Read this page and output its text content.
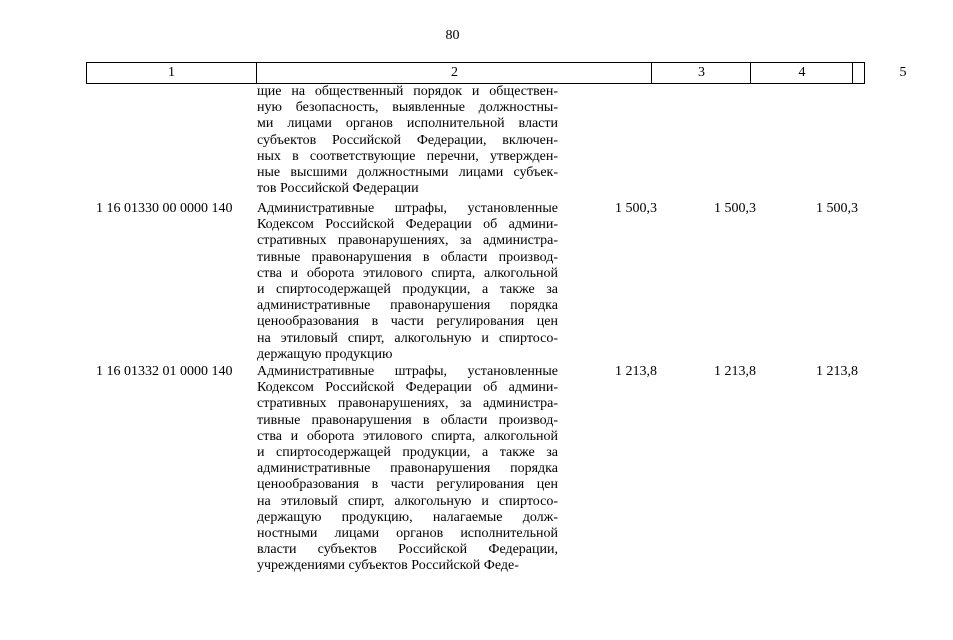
80
1	2	3	4	5
щие на общественный порядок и обществен-
ную безопасность, выявленные должностны-
ми лицами органов исполнительной власти
субъектов Российской Федерации, включен-
ных в соответствующие перечни, утвержден-
ные высшими должностными лицами субъек-
тов Российской Федерации
1 16 01330 00 0000 140	Административные штрафы, установленные
Кодексом Российской Федерации об админи-
стративных правонарушениях, за администра-
тивные правонарушения в области производ-
ства и оборота этилового спирта, алкогольной
и спиртосодержащей продукции, а также за
административные правонарушения порядка
ценообразования в части регулирования цен
на этиловый спирт, алкогольную и спиртосо-
держащую продукцию
1 500,3	1 500,3	1 500,3
1 16 01332 01 0000 140	Административные штрафы, установленные
Кодексом Российской Федерации об админи-
стративных правонарушениях, за администра-
тивные правонарушения в области производ-
ства и оборота этилового спирта, алкогольной
и спиртосодержащей продукции, а также за
административные правонарушения порядка
ценообразования в части регулирования цен
на этиловый спирт, алкогольную и спиртосо-
держащую продукцию, налагаемые долж-
ностными лицами органов исполнительной
власти субъектов Российской Федерации,
учреждениями субъектов Российской Феде-
1 213,8	1 213,8	1 213,8
